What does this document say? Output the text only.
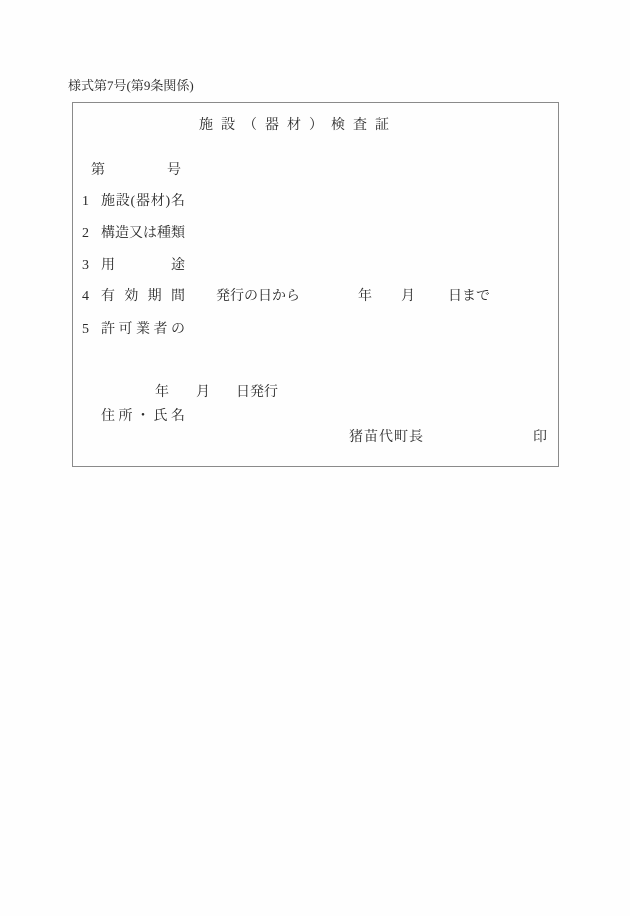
様式第7号(第9条関係)
施設（器材）検査証
第	号
1 施設(器材)名
2 構造又は種類
3 用途
4 有効期間 発行の日から	年 月 日まで
5 許可業者の
住所・氏名
年 月 日発行
猪苗代町長	印
